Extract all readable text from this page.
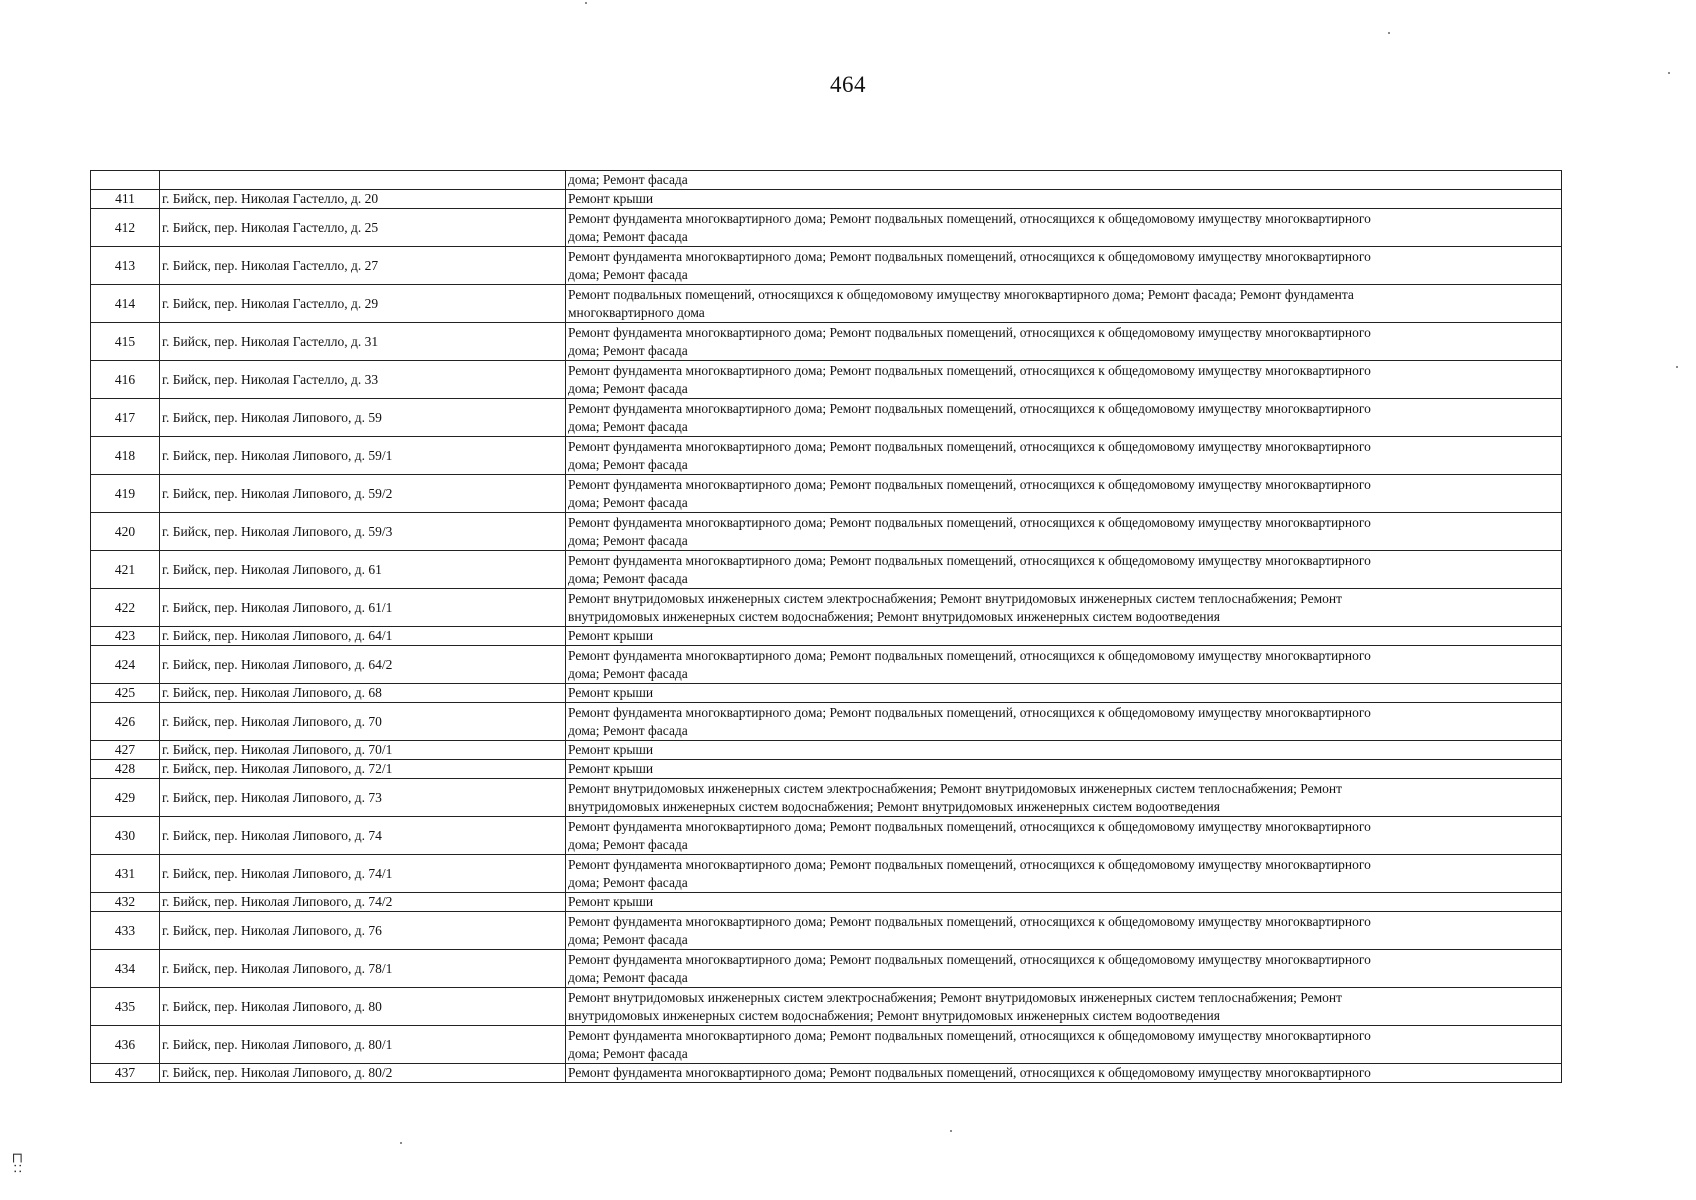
464
		дома; Ремонт фасада
411	г. Бийск, пер. Николая Гастелло, д. 20	Ремонт крыши
412	г. Бийск, пер. Николая Гастелло, д. 25	Ремонт фундамента многоквартирного дома; Ремонт подвальных помещений, относящихся к общедомовому имуществу многоквартирного
дома; Ремонт фасада
413	г. Бийск, пер. Николая Гастелло, д. 27	Ремонт фундамента многоквартирного дома; Ремонт подвальных помещений, относящихся к общедомовому имуществу многоквартирного
дома; Ремонт фасада
414	г. Бийск, пер. Николая Гастелло, д. 29	Ремонт подвальных помещений, относящихся к общедомовому имуществу многоквартирного дома; Ремонт фасада; Ремонт фундамента
многоквартирного дома
415	г. Бийск, пер. Николая Гастелло, д. 31	Ремонт фундамента многоквартирного дома; Ремонт подвальных помещений, относящихся к общедомовому имуществу многоквартирного
дома; Ремонт фасада
416	г. Бийск, пер. Николая Гастелло, д. 33	Ремонт фундамента многоквартирного дома; Ремонт подвальных помещений, относящихся к общедомовому имуществу многоквартирного
дома; Ремонт фасада
417	г. Бийск, пер. Николая Липового, д. 59	Ремонт фундамента многоквартирного дома; Ремонт подвальных помещений, относящихся к общедомовому имуществу многоквартирного
дома; Ремонт фасада
418	г. Бийск, пер. Николая Липового, д. 59/1	Ремонт фундамента многоквартирного дома; Ремонт подвальных помещений, относящихся к общедомовому имуществу многоквартирного
дома; Ремонт фасада
419	г. Бийск, пер. Николая Липового, д. 59/2	Ремонт фундамента многоквартирного дома; Ремонт подвальных помещений, относящихся к общедомовому имуществу многоквартирного
дома; Ремонт фасада
420	г. Бийск, пер. Николая Липового, д. 59/3	Ремонт фундамента многоквартирного дома; Ремонт подвальных помещений, относящихся к общедомовому имуществу многоквартирного
дома; Ремонт фасада
421	г. Бийск, пер. Николая Липового, д. 61	Ремонт фундамента многоквартирного дома; Ремонт подвальных помещений, относящихся к общедомовому имуществу многоквартирного
дома; Ремонт фасада
422	г. Бийск, пер. Николая Липового, д. 61/1	Ремонт внутридомовых инженерных систем электроснабжения; Ремонт внутридомовых инженерных систем теплоснабжения; Ремонт
внутридомовых инженерных систем водоснабжения; Ремонт внутридомовых инженерных систем водоотведения
423	г. Бийск, пер. Николая Липового, д. 64/1	Ремонт крыши
424	г. Бийск, пер. Николая Липового, д. 64/2	Ремонт фундамента многоквартирного дома; Ремонт подвальных помещений, относящихся к общедомовому имуществу многоквартирного
дома; Ремонт фасада
425	г. Бийск, пер. Николая Липового, д. 68	Ремонт крыши
426	г. Бийск, пер. Николая Липового, д. 70	Ремонт фундамента многоквартирного дома; Ремонт подвальных помещений, относящихся к общедомовому имуществу многоквартирного
дома; Ремонт фасада
427	г. Бийск, пер. Николая Липового, д. 70/1	Ремонт крыши
428	г. Бийск, пер. Николая Липового, д. 72/1	Ремонт крыши
429	г. Бийск, пер. Николая Липового, д. 73	Ремонт внутридомовых инженерных систем электроснабжения; Ремонт внутридомовых инженерных систем теплоснабжения; Ремонт
внутридомовых инженерных систем водоснабжения; Ремонт внутридомовых инженерных систем водоотведения
430	г. Бийск, пер. Николая Липового, д. 74	Ремонт фундамента многоквартирного дома; Ремонт подвальных помещений, относящихся к общедомовому имуществу многоквартирного
дома; Ремонт фасада
431	г. Бийск, пер. Николая Липового, д. 74/1	Ремонт фундамента многоквартирного дома; Ремонт подвальных помещений, относящихся к общедомовому имуществу многоквартирного
дома; Ремонт фасада
432	г. Бийск, пер. Николая Липового, д. 74/2	Ремонт крыши
433	г. Бийск, пер. Николая Липового, д. 76	Ремонт фундамента многоквартирного дома; Ремонт подвальных помещений, относящихся к общедомовому имуществу многоквартирного
дома; Ремонт фасада
434	г. Бийск, пер. Николая Липового, д. 78/1	Ремонт фундамента многоквартирного дома; Ремонт подвальных помещений, относящихся к общедомовому имуществу многоквартирного
дома; Ремонт фасада
435	г. Бийск, пер. Николая Липового, д. 80	Ремонт внутридомовых инженерных систем электроснабжения; Ремонт внутридомовых инженерных систем теплоснабжения; Ремонт
внутридомовых инженерных систем водоснабжения; Ремонт внутридомовых инженерных систем водоотведения
436	г. Бийск, пер. Николая Липового, д. 80/1	Ремонт фундамента многоквартирного дома; Ремонт подвальных помещений, относящихся к общедомовому имуществу многоквартирного
дома; Ремонт фасада
437	г. Бийск, пер. Николая Липового, д. 80/2	Ремонт фундамента многоквартирного дома; Ремонт подвальных помещений, относящихся к общедомовому имуществу многоквартирного
⊏∷
